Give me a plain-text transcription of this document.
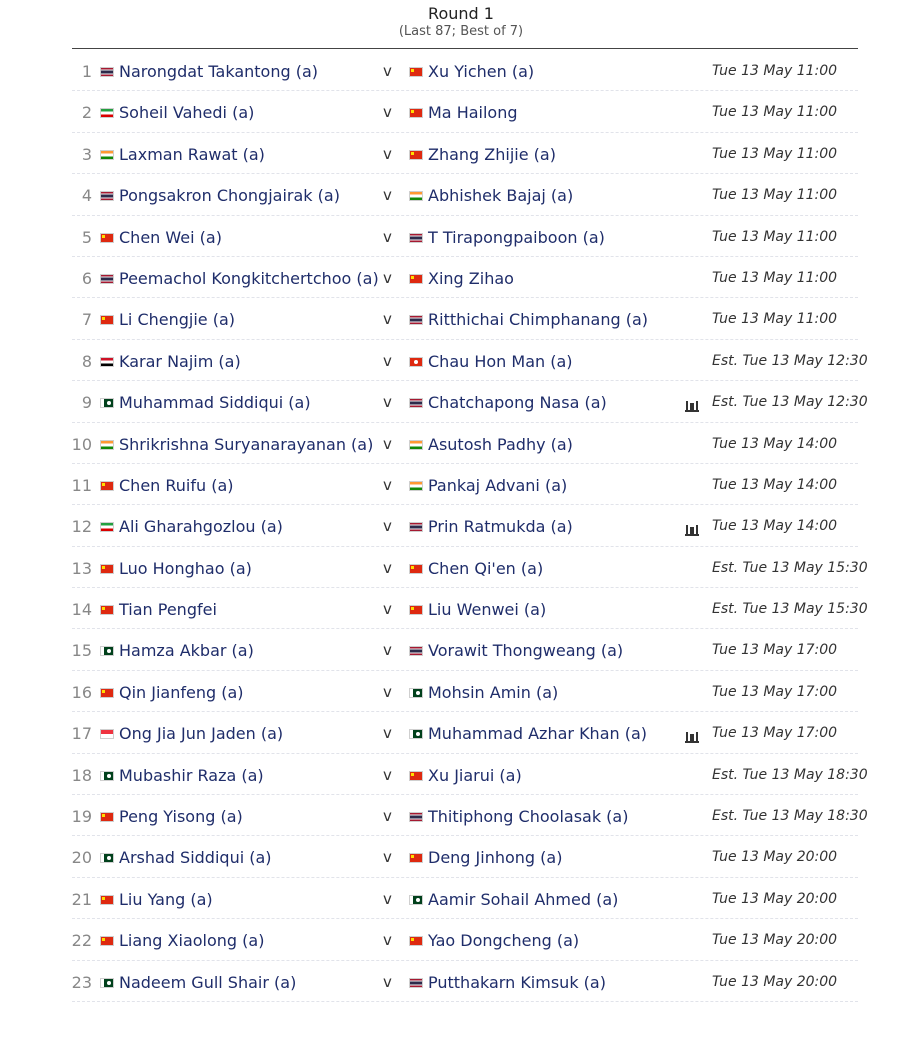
Round 1
(Last 87; Best of 7)
1 Narongdat Takantong (a)	v Xu Yichen (a)	Tue 13 May 11:00
2 Soheil Vahedi (a)	v Ma Hailong	Tue 13 May 11:00
3 Laxman Rawat (a)	v Zhang Zhijie (a)	Tue 13 May 11:00
4 Pongsakron Chongjairak (a)	v Abhishek Bajaj (a)	Tue 13 May 11:00
5 Chen Wei (a)	v T Tirapongpaiboon (a)	Tue 13 May 11:00
6 Peemachol Kongkitchertchoo (a) v Xing Zihao	Tue 13 May 11:00
7 Li Chengjie (a)	v Ritthichai Chimphanang (a)	Tue 13 May 11:00
8 Karar Najim (a)	v Chau Hon Man (a)	Est. Tue 13 May 12:30
9 Muhammad Siddiqui (a)	v Chatchapong Nasa (a)	Est. Tue 13 May 12:30
10 Shrikrishna Suryanarayanan (a) v Asutosh Padhy (a)	Tue 13 May 14:00
11 Chen Ruifu (a)	v Pankaj Advani (a)	Tue 13 May 14:00
12 Ali Gharahgozlou (a)	v Prin Ratmukda (a)	Tue 13 May 14:00
13 Luo Honghao (a)	v Chen Qi'en (a)	Est. Tue 13 May 15:30
14 Tian Pengfei	v Liu Wenwei (a)	Est. Tue 13 May 15:30
15 Hamza Akbar (a)	v Vorawit Thongweang (a)	Tue 13 May 17:00
16 Qin Jianfeng (a)	v Mohsin Amin (a)	Tue 13 May 17:00
17 Ong Jia Jun Jaden (a)	v Muhammad Azhar Khan (a)	Tue 13 May 17:00
18 Mubashir Raza (a)	v Xu Jiarui (a)	Est. Tue 13 May 18:30
19 Peng Yisong (a)	v Thitiphong Choolasak (a)	Est. Tue 13 May 18:30
20 Arshad Siddiqui (a)	v Deng Jinhong (a)	Tue 13 May 20:00
21 Liu Yang (a)	v Aamir Sohail Ahmed (a)	Tue 13 May 20:00
22 Liang Xiaolong (a)	v Yao Dongcheng (a)	Tue 13 May 20:00
23 Nadeem Gull Shair (a)	v Putthakarn Kimsuk (a)	Tue 13 May 20:00
